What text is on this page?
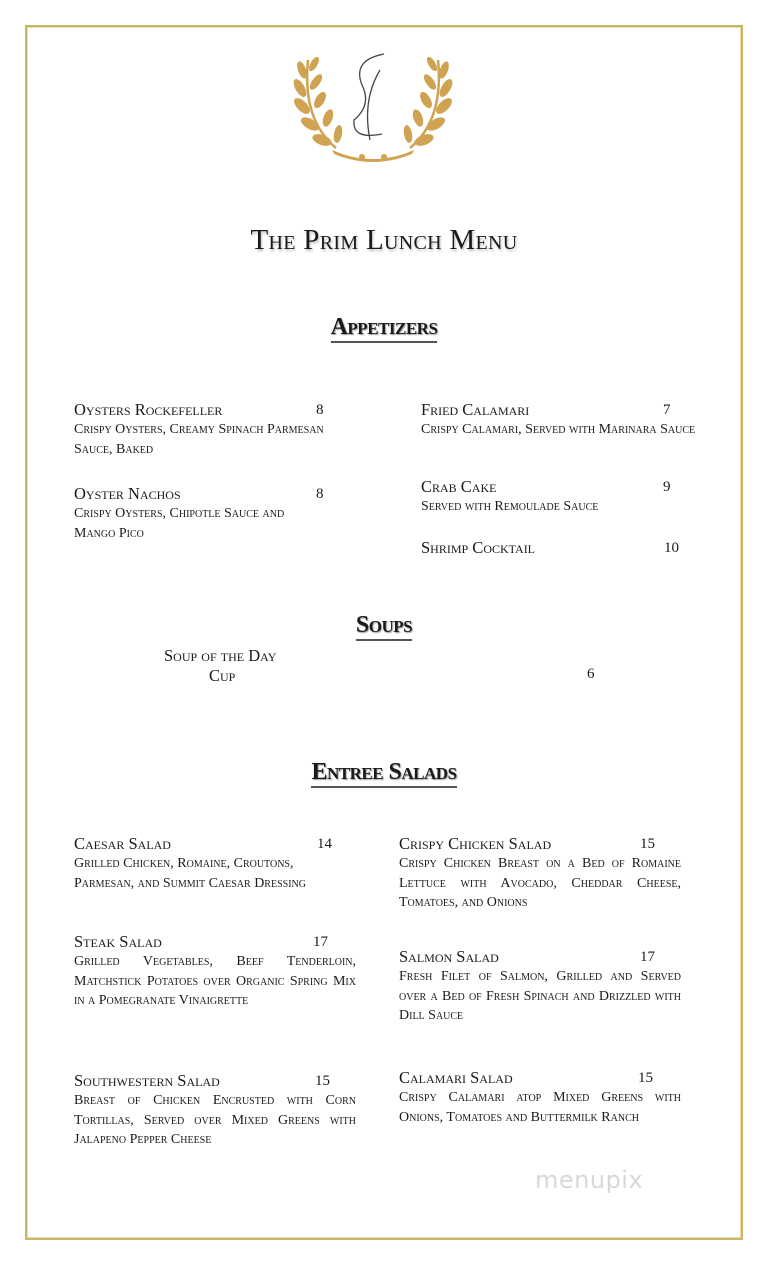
The Prim Lunch Menu
Appetizers
Oysters Rockefeller	8
Crispy Oysters, Creamy Spinach Parmesan Sauce, Baked
Oyster Nachos	8
Crispy Oysters, Chipotle Sauce and Mango Pico
Fried Calamari	7
Crispy Calamari, Served with Marinara Sauce
Crab Cake	9
Served with Remoulade Sauce
Shrimp Cocktail	10
Soups
Soup of the Day
Cup	6
Entree Salads
Caesar Salad	14
Grilled Chicken, Romaine, Croutons, Parmesan, and Summit Caesar Dressing
Steak Salad	17
Grilled Vegetables, Beef Tenderloin, Matchstick Potatoes over Organic Spring Mix in a Pomegranate Vinaigrette
Southwestern Salad	15
Breast of Chicken Encrusted with Corn Tortillas, Served over Mixed Greens with Jalapeno Pepper Cheese
Crispy Chicken Salad	15
Crispy Chicken Breast on a Bed of Romaine Lettuce with Avocado, Cheddar Cheese, Tomatoes, and Onions
Salmon Salad	17
Fresh Filet of Salmon, Grilled and Served over a Bed of Fresh Spinach and Drizzled with Dill Sauce
Calamari Salad	15
Crispy Calamari atop Mixed Greens with Onions, Tomatoes and Buttermilk Ranch
menupix
